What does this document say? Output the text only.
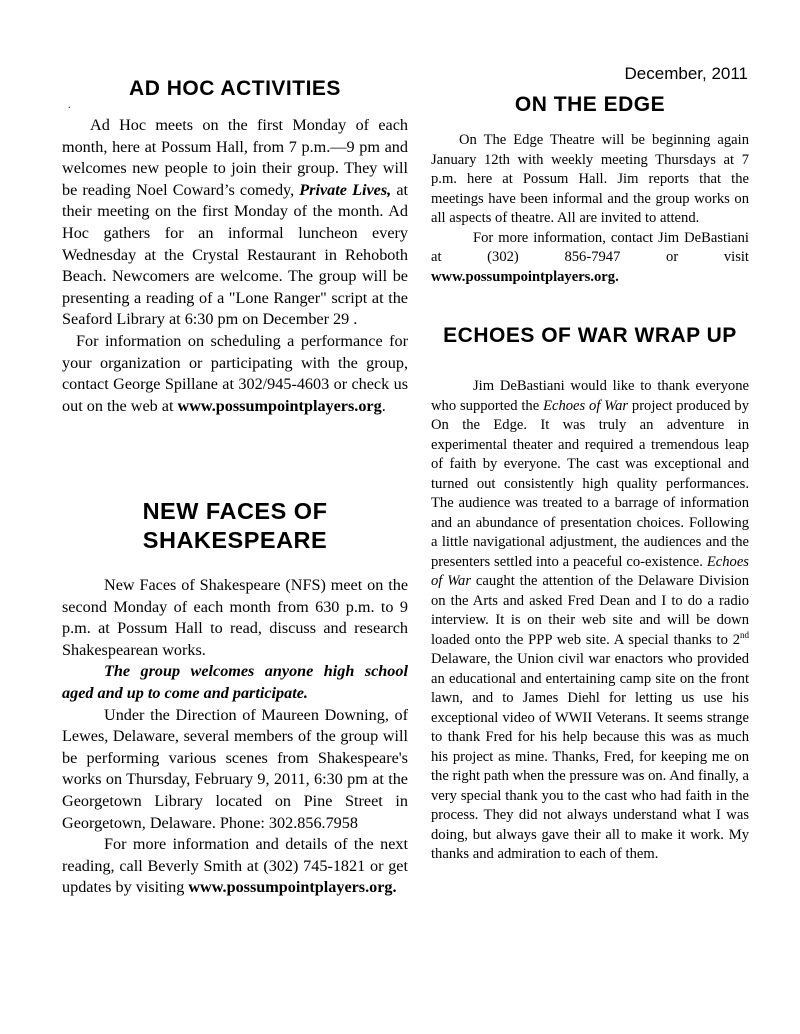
December, 2011
AD HOC ACTIVITIES
.

Ad Hoc meets on the first Monday of each month, here at Possum Hall, from 7 p.m.—9 pm and welcomes new people to join their group. They will be reading Noel Coward’s comedy, Private Lives, at their meeting on the first Monday of the month. Ad Hoc gathers for an informal luncheon every Wednesday at the Crystal Restaurant in Rehoboth Beach. Newcomers are welcome. The group will be presenting a reading of a "Lone Ranger" script at the Seaford Library at 6:30 pm on December 29 .

For information on scheduling a performance for your organization or participating with the group, contact George Spillane at 302/945-4603 or check us out on the web at www.possumpointplayers.org.

NEW FACES OF SHAKESPEARE

New Faces of Shakespeare (NFS) meet on the second Monday of each month from 630 p.m. to 9 p.m. at Possum Hall to read, discuss and research Shakespearean works.

The group welcomes anyone high school aged and up to come and participate.

Under the Direction of Maureen Downing, of Lewes, Delaware, several members of the group will be performing various scenes from Shakespeare's works on Thursday, February 9, 2011, 6:30 pm at the Georgetown Library located on Pine Street in Georgetown, Delaware. Phone: 302.856.7958

For more information and details of the next reading, call Beverly Smith at (302) 745-1821 or get updates by visiting www.possumpointplayers.org.

ON THE EDGE

On The Edge Theatre will be beginning again January 12th with weekly meeting Thursdays at 7 p.m. here at Possum Hall. Jim reports that the meetings have been informal and the group works on all aspects of theatre. All are invited to attend.

For more information, contact Jim DeBastiani at (302) 856-7947 or visit www.possumpointplayers.org.

ECHOES OF WAR WRAP UP

Jim DeBastiani would like to thank everyone who supported the Echoes of War project produced by On the Edge. It was truly an adventure in experimental theater and required a tremendous leap of faith by everyone. The cast was exceptional and turned out consistently high quality performances. The audience was treated to a barrage of information and an abundance of presentation choices. Following a little navigational adjustment, the audiences and the presenters settled into a peaceful co-existence. Echoes of War caught the attention of the Delaware Division on the Arts and asked Fred Dean and I to do a radio interview. It is on their web site and will be down loaded onto the PPP web site. A special thanks to 2nd Delaware, the Union civil war enactors who provided an educational and entertaining camp site on the front lawn, and to James Diehl for letting us use his exceptional video of WWII Veterans. It seems strange to thank Fred for his help because this was as much his project as mine. Thanks, Fred, for keeping me on the right path when the pressure was on. And finally, a very special thank you to the cast who had faith in the process. They did not always understand what I was doing, but always gave their all to make it work. My thanks and admiration to each of them.
